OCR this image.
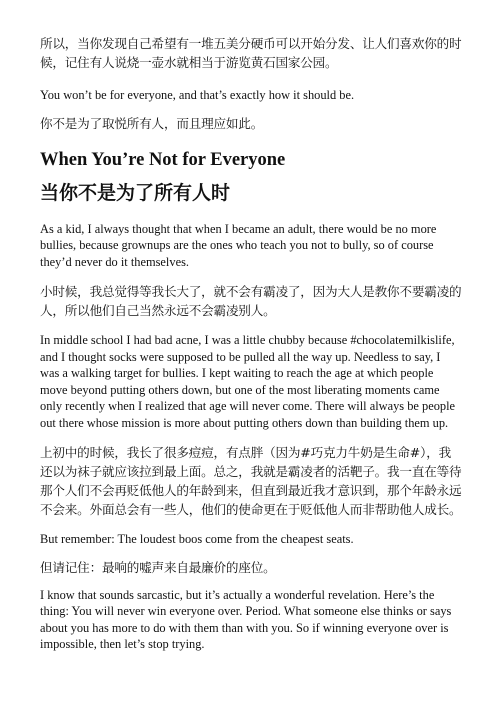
所以，当你发现自己希望有一堆五美分硬币可以开始分发、让人们喜欢你的时候，记住有人说烧一壶水就相当于游览黄石国家公园。

You won’t be for everyone, and that’s exactly how it should be.

你不是为了取悦所有人，而且理应如此。

When You’re Not for Everyone
当你不是为了所有人时

As a kid, I always thought that when I became an adult, there would be no more bullies, because grownups are the ones who teach you not to bully, so of course they’d never do it themselves.

小时候，我总觉得等我长大了，就不会有霸凌了，因为大人是教你不要霸凌的人，所以他们自己当然永远不会霸凌别人。

In middle school I had bad acne, I was a little chubby because #chocolatemilkislife, and I thought socks were supposed to be pulled all the way up. Needless to say, I was a walking target for bullies. I kept waiting to reach the age at which people move beyond putting others down, but one of the most liberating moments came only recently when I realized that age will never come. There will always be people out there whose mission is more about putting others down than building them up.

上初中的时候，我长了很多痘痘，有点胖（因为#巧克力牛奶是生命#），我还以为袜子就应该拉到最上面。总之，我就是霸凌者的活靶子。我一直在等待那个人们不会再贬低他人的年龄到来，但直到最近我才意识到，那个年龄永远不会来。外面总会有一些人，他们的使命更在于贬低他人而非帮助他人成长。

But remember: The loudest boos come from the cheapest seats.

但请记住：最响的嘘声来自最廉价的座位。

I know that sounds sarcastic, but it’s actually a wonderful revelation. Here’s the thing: You will never win everyone over. Period. What someone else thinks or says about you has more to do with them than with you. So if winning everyone over is impossible, then let’s stop trying.
